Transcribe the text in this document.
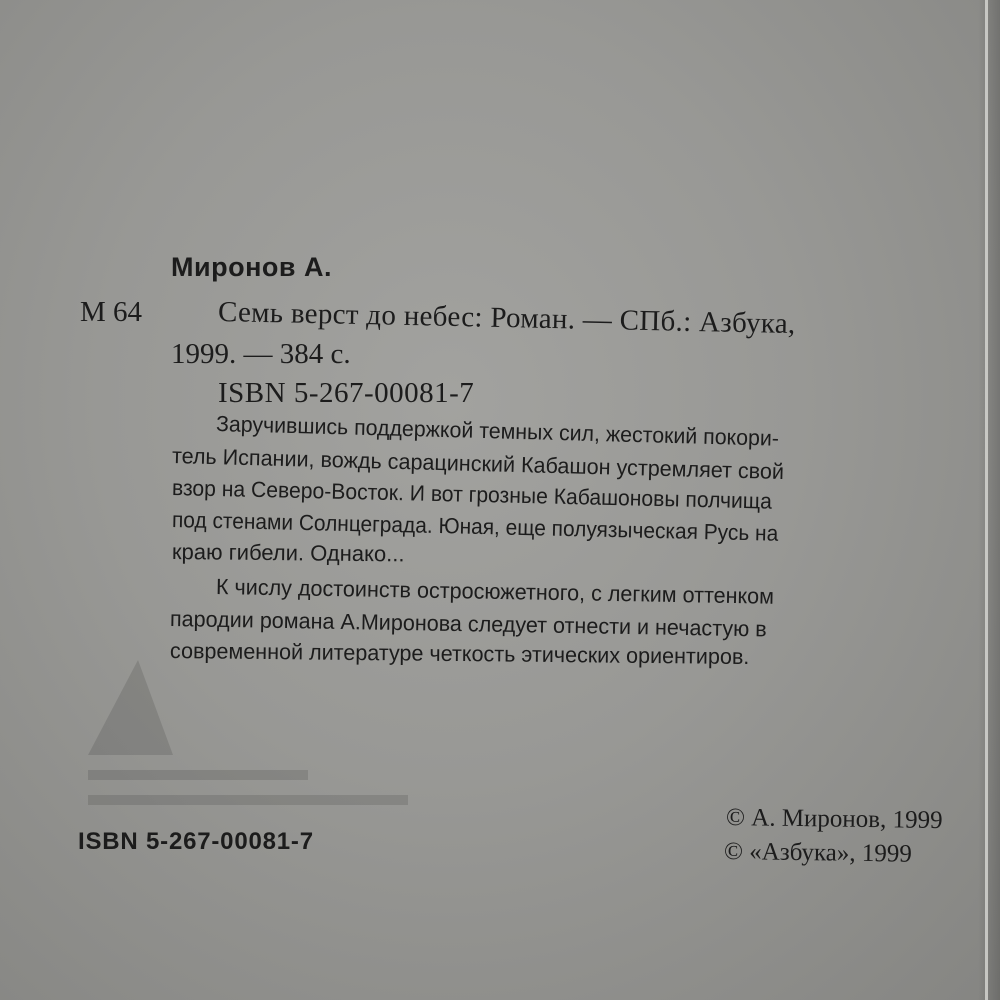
Миронов А.
М 64	Семь верст до небес: Роман. — СПб.: Азбука,
1999. — 384 с.
ISBN 5-267-00081-7
Заручившись поддержкой темных сил, жестокий покори-
тель Испании, вождь сарацинский Кабашон устремляет свой
взор на Северо-Восток. И вот грозные Кабашоновы полчища
под стенами Солнцеграда. Юная, еще полуязыческая Русь на
краю гибели. Однако...
К числу достоинств остросюжетного, с легким оттенком
пародии романа А.Миронова следует отнести и нечастую в
современной литературе четкость этических ориентиров.
ISBN 5-267-00081-7
© А. Миронов, 1999
© «Азбука», 1999
